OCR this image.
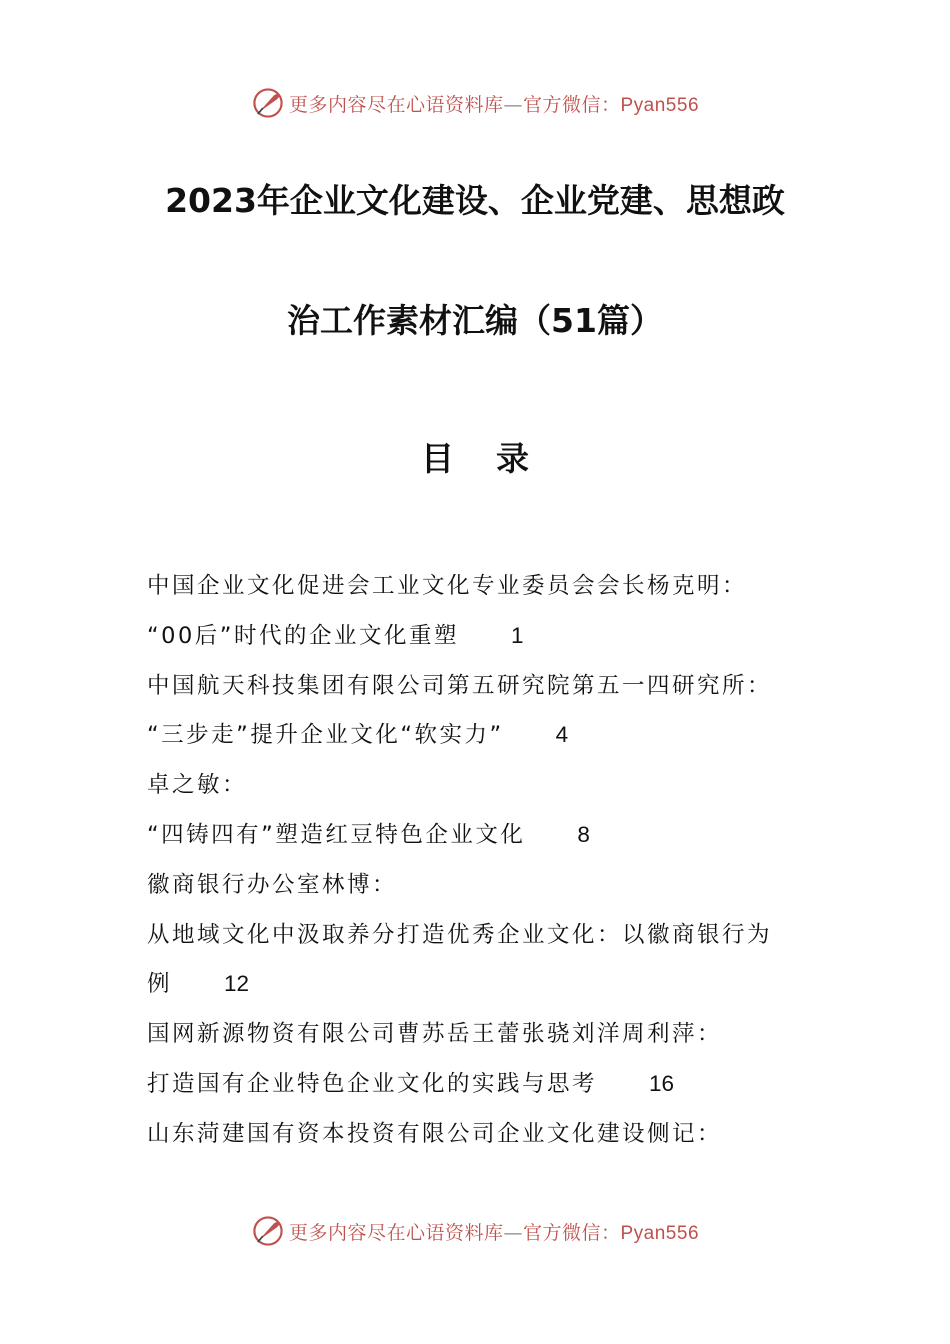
更多内容尽在心语资料库—官方微信：Pyan556
2023年企业文化建设、企业党建、思想政
治工作素材汇编（51篇）
目录
中国企业文化促进会工业文化专业委员会会长杨克明：
“00后”时代的企业文化重塑 1
中国航天科技集团有限公司第五研究院第五一四研究所：
“三步走”提升企业文化“软实力” 4
卓之敏：
“四铸四有”塑造红豆特色企业文化 8
徽商银行办公室林博：
从地域文化中汲取养分打造优秀企业文化：以徽商银行为
例 12
国网新源物资有限公司曹苏岳王蕾张骁刘洋周利萍：
打造国有企业特色企业文化的实践与思考 16
山东菏建国有资本投资有限公司企业文化建设侧记：
更多内容尽在心语资料库—官方微信：Pyan556
